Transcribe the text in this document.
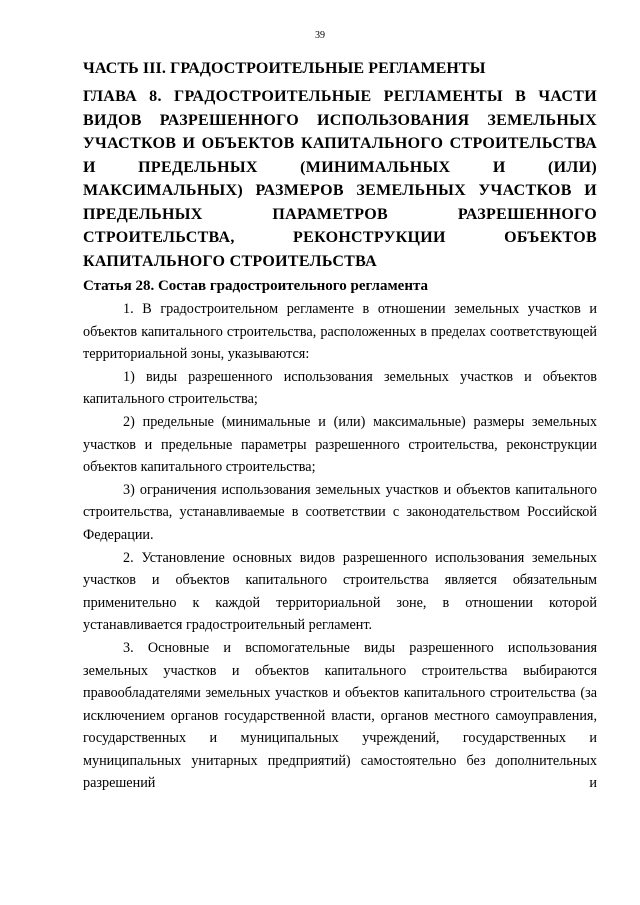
39
ЧАСТЬ III. ГРАДОСТРОИТЕЛЬНЫЕ РЕГЛАМЕНТЫ
ГЛАВА 8. ГРАДОСТРОИТЕЛЬНЫЕ РЕГЛАМЕНТЫ В ЧАСТИ ВИДОВ РАЗРЕШЕННОГО ИСПОЛЬЗОВАНИЯ ЗЕМЕЛЬНЫХ УЧАСТКОВ И ОБЪЕКТОВ КАПИТАЛЬНОГО СТРОИТЕЛЬСТВА И ПРЕДЕЛЬНЫХ (МИНИМАЛЬНЫХ И (ИЛИ) МАКСИМАЛЬНЫХ) РАЗМЕРОВ ЗЕМЕЛЬНЫХ УЧАСТКОВ И ПРЕДЕЛЬНЫХ ПАРАМЕТРОВ РАЗРЕШЕННОГО СТРОИТЕЛЬСТВА, РЕКОНСТРУКЦИИ ОБЪЕКТОВ КАПИТАЛЬНОГО СТРОИТЕЛЬСТВА
Статья 28. Состав градостроительного регламента

1. В градостроительном регламенте в отношении земельных участков и объектов капитального строительства, расположенных в пределах соответствующей территориальной зоны, указываются:

1) виды разрешенного использования земельных участков и объектов капитального строительства;

2) предельные (минимальные и (или) максимальные) размеры земельных участков и предельные параметры разрешенного строительства, реконструкции объектов капитального строительства;

3) ограничения использования земельных участков и объектов капитального строительства, устанавливаемые в соответствии с законодательством Российской Федерации.

2. Установление основных видов разрешенного использования земельных участков и объектов капитального строительства является обязательным применительно к каждой территориальной зоне, в отношении которой устанавливается градостроительный регламент.

3. Основные и вспомогательные виды разрешенного использования земельных участков и объектов капитального строительства выбираются правообладателями земельных участков и объектов капитального строительства (за исключением органов государственной власти, органов местного самоуправления, государственных и муниципальных учреждений, государственных и муниципальных унитарных предприятий) самостоятельно без дополнительных разрешений и
